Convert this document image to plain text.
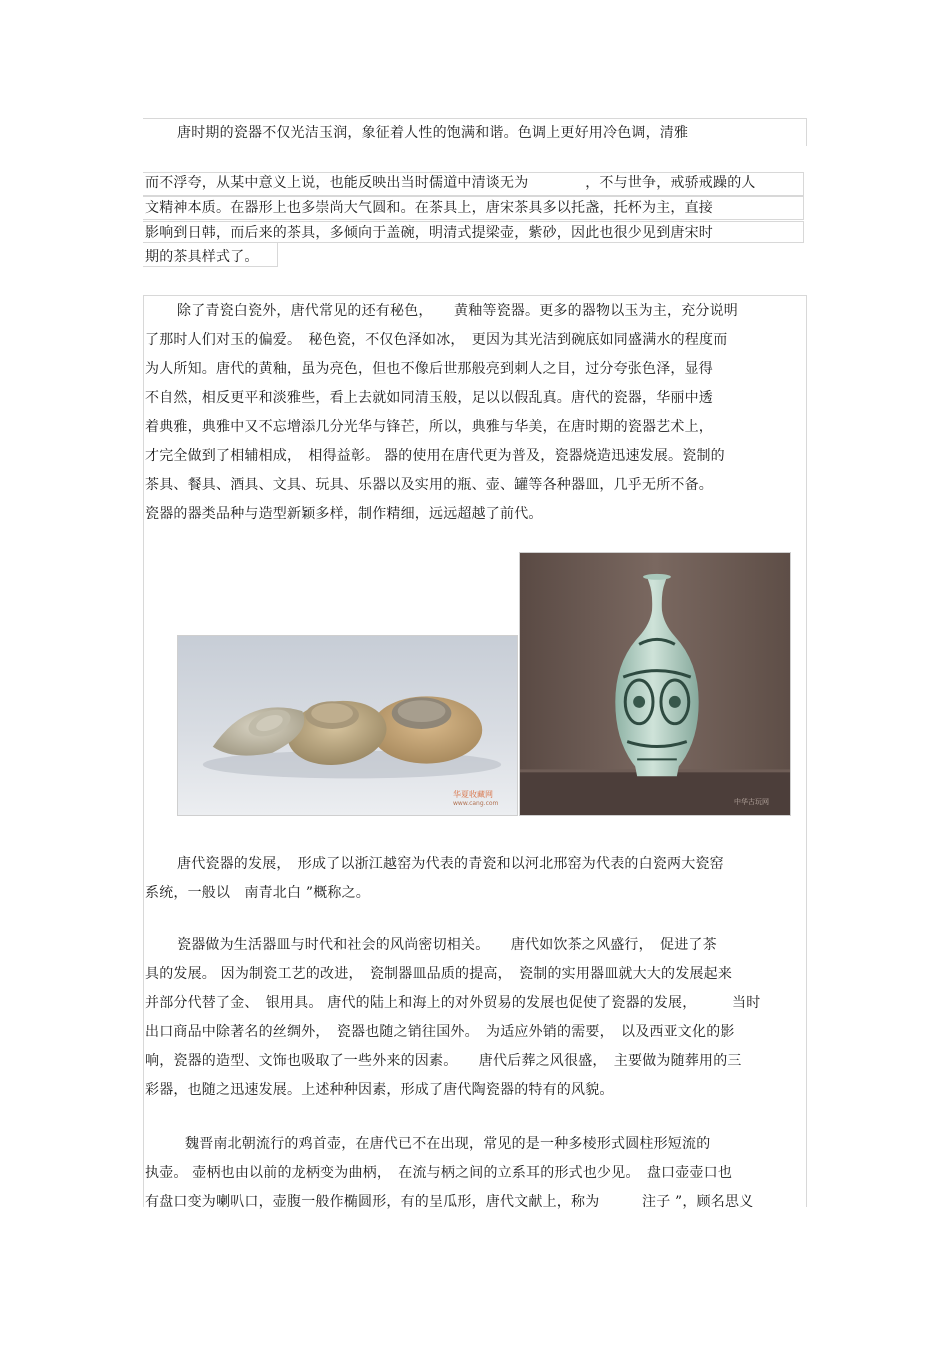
唐时期的瓷器不仅光洁玉润，象征着人性的饱满和谐。色调上更好用冷色调，清雅
而不浮夸，从某中意义上说，也能反映出当时儒道中清谈无为　　　　，不与世争，戒骄戒躁的人
文精神本质。在器形上也多崇尚大气圆和。在茶具上，唐宋茶具多以托盏，托杯为主，直接
影响到日韩，而后来的茶具，多倾向于盖碗，明清式提梁壶，紫砂，因此也很少见到唐宋时
期的茶具样式了。
除了青瓷白瓷外，唐代常见的还有秘色，　　黄釉等瓷器。更多的器物以玉为主，充分说明
了那时人们对玉的偏爱。　秘色瓷，不仅色泽如冰，　更因为其光洁到碗底如同盛满水的程度而
为人所知。唐代的黄釉，虽为亮色，但也不像后世那般亮到刺人之目，过分夸张色泽，显得
不自然，相反更平和淡雅些，看上去就如同清玉般，足以以假乱真。唐代的瓷器，华丽中透
着典雅，典雅中又不忘增添几分光华与锋芒，所以，典雅与华美，在唐时期的瓷器艺术上，
才完全做到了相辅相成，　相得益彰。 器的使用在唐代更为普及，瓷器烧造迅速发展。瓷制的
茶具、餐具、酒具、文具、玩具、乐器以及实用的瓶、壶、罐等各种器皿，几乎无所不备。
瓷器的器类品种与造型新颖多样，制作精细，远远超越了前代。
华夏收藏网
www.cang.com	中华古玩网
唐代瓷器的发展，　形成了以浙江越窑为代表的青瓷和以河北邢窑为代表的白瓷两大瓷窑
系统，一般以　南青北白 ”概称之。
瓷器做为生活器皿与时代和社会的风尚密切相关。　　唐代如饮茶之风盛行，　促进了茶
具的发展。 因为制瓷工艺的改进，　瓷制器皿品质的提高，　瓷制的实用器皿就大大的发展起来
并部分代替了金、　银用具。 唐代的陆上和海上的对外贸易的发展也促使了瓷器的发展，　　　当时
出口商品中除著名的丝绸外，　瓷器也随之销往国外。　为适应外销的需要，　以及西亚文化的影
响，瓷器的造型、文饰也吸取了一些外来的因素。　　唐代后葬之风很盛，　主要做为随葬用的三
彩器，也随之迅速发展。上述种种因素，形成了唐代陶瓷器的特有的风貌。
魏晋南北朝流行的鸡首壶，在唐代已不在出现，常见的是一种多棱形式圆柱形短流的
执壶。 壶柄也由以前的龙柄变为曲柄，　在流与柄之间的立系耳的形式也少见。　盘口壶壶口也
有盘口变为喇叭口，壶腹一般作椭圆形，有的呈瓜形，唐代文献上，称为　　　注子 ”，顾名思义
